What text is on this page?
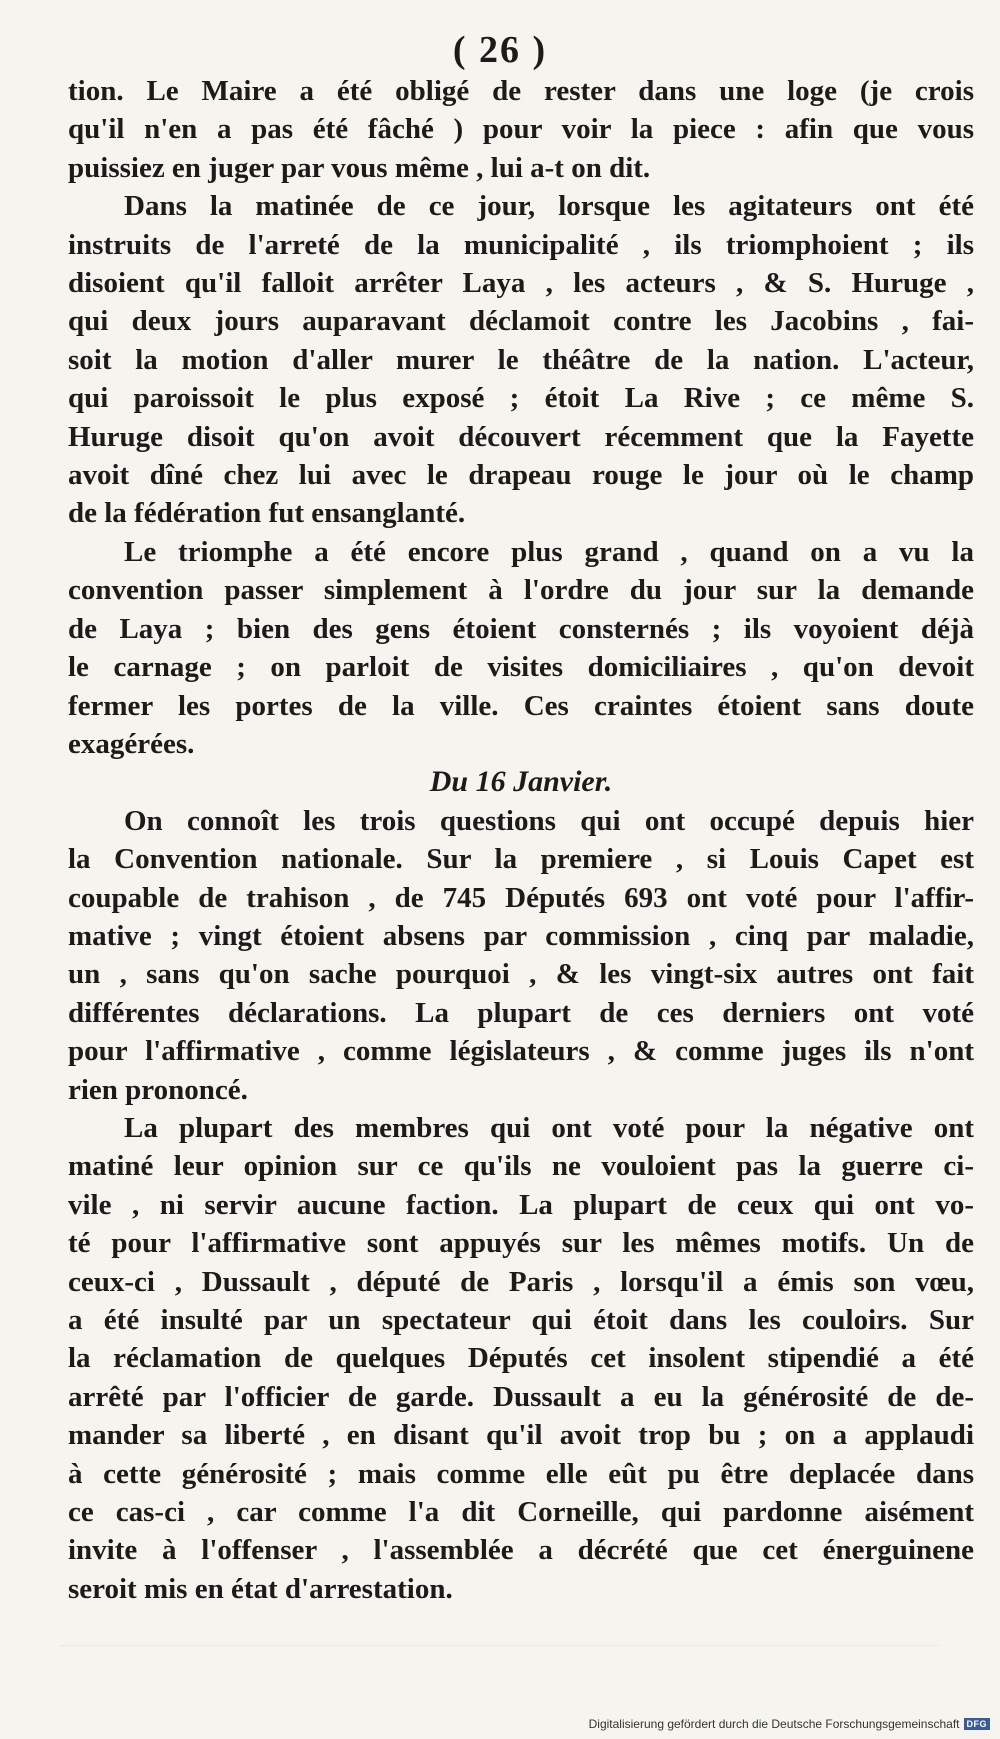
( 26 )
tion. Le Maire a été obligé de rester dans une loge (je crois
qu'il n'en a pas été fâché ) pour voir la piece : afin que vous
puissiez en juger par vous même , lui a-t on dit.
Dans la matinée de ce jour, lorsque les agitateurs ont été
instruits de l'arreté de la municipalité , ils triomphoient ; ils
disoient qu'il falloit arrêter Laya , les acteurs , & S. Huruge ,
qui deux jours auparavant déclamoit contre les Jacobins , fai-
soit la motion d'aller murer le théâtre de la nation. L'acteur,
qui paroissoit le plus exposé ; étoit La Rive ; ce même S.
Huruge disoit qu'on avoit découvert récemment que la Fayette
avoit dîné chez lui avec le drapeau rouge le jour où le champ
de la fédération fut ensanglanté.
Le triomphe a été encore plus grand , quand on a vu la
convention passer simplement à l'ordre du jour sur la demande
de Laya ; bien des gens étoient consternés ; ils voyoient déjà
le carnage ; on parloit de visites domiciliaires , qu'on devoit
fermer les portes de la ville. Ces craintes étoient sans doute
exagérées.

Du 16 Janvier.

On connoît les trois questions qui ont occupé depuis hier
la Convention nationale. Sur la premiere , si Louis Capet est
coupable de trahison , de 745 Députés 693 ont voté pour l'affir-
mative ; vingt étoient absens par commission , cinq par maladie,
un , sans qu'on sache pourquoi , & les vingt-six autres ont fait
différentes déclarations. La plupart de ces derniers ont voté
pour l'affirmative , comme législateurs , & comme juges ils n'ont
rien prononcé.
La plupart des membres qui ont voté pour la négative ont
matiné leur opinion sur ce qu'ils ne vouloient pas la guerre ci-
vile , ni servir aucune faction. La plupart de ceux qui ont vo-
té pour l'affirmative sont appuyés sur les mêmes motifs. Un de
ceux-ci , Dussault , député de Paris , lorsqu'il a émis son vœu,
a été insulté par un spectateur qui étoit dans les couloirs. Sur
la réclamation de quelques Députés cet insolent stipendié a été
arrêté par l'officier de garde. Dussault a eu la générosité de de-
mander sa liberté , en disant qu'il avoit trop bu ; on a applaudi
à cette générosité ; mais comme elle eût pu être deplacée dans
ce cas-ci , car comme l'a dit Corneille, qui pardonne aisément
invite à l'offenser , l'assemblée a décrété que cet énerguinene
seroit mis en état d'arrestation.
Digitalisierung gefördert durch die Deutsche Forschungsgemeinschaft DFG
